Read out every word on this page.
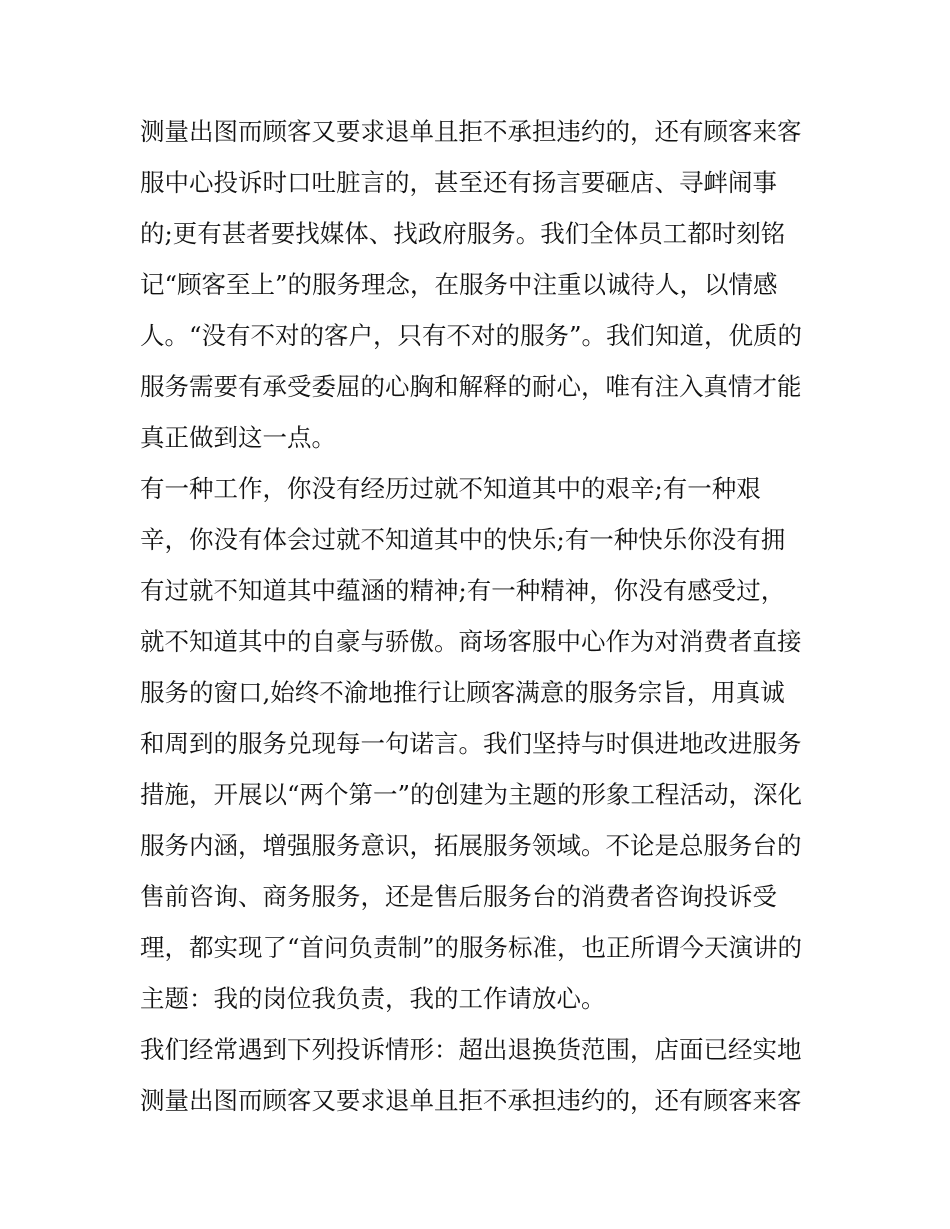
测量出图而顾客又要求退单且拒不承担违约的，还有顾客来客
服中心投诉时口吐脏言的，甚至还有扬言要砸店、寻衅闹事
的;更有甚者要找媒体、找政府服务。我们全体员工都时刻铭
记“顾客至上”的服务理念，在服务中注重以诚待人，以情感
人。“没有不对的客户，只有不对的服务”。我们知道，优质的
服务需要有承受委屈的心胸和解释的耐心，唯有注入真情才能
真正做到这一点。
有一种工作，你没有经历过就不知道其中的艰辛;有一种艰
辛，你没有体会过就不知道其中的快乐;有一种快乐你没有拥
有过就不知道其中蕴涵的精神;有一种精神，你没有感受过，
就不知道其中的自豪与骄傲。商场客服中心作为对消费者直接
服务的窗口,始终不渝地推行让顾客满意的服务宗旨，用真诚
和周到的服务兑现每一句诺言。我们坚持与时俱进地改进服务
措施，开展以“两个第一”的创建为主题的形象工程活动，深化
服务内涵，增强服务意识，拓展服务领域。不论是总服务台的
售前咨询、商务服务，还是售后服务台的消费者咨询投诉受
理，都实现了“首问负责制”的服务标准，也正所谓今天演讲的
主题：我的岗位我负责，我的工作请放心。
我们经常遇到下列投诉情形：超出退换货范围，店面已经实地
测量出图而顾客又要求退单且拒不承担违约的，还有顾客来客
